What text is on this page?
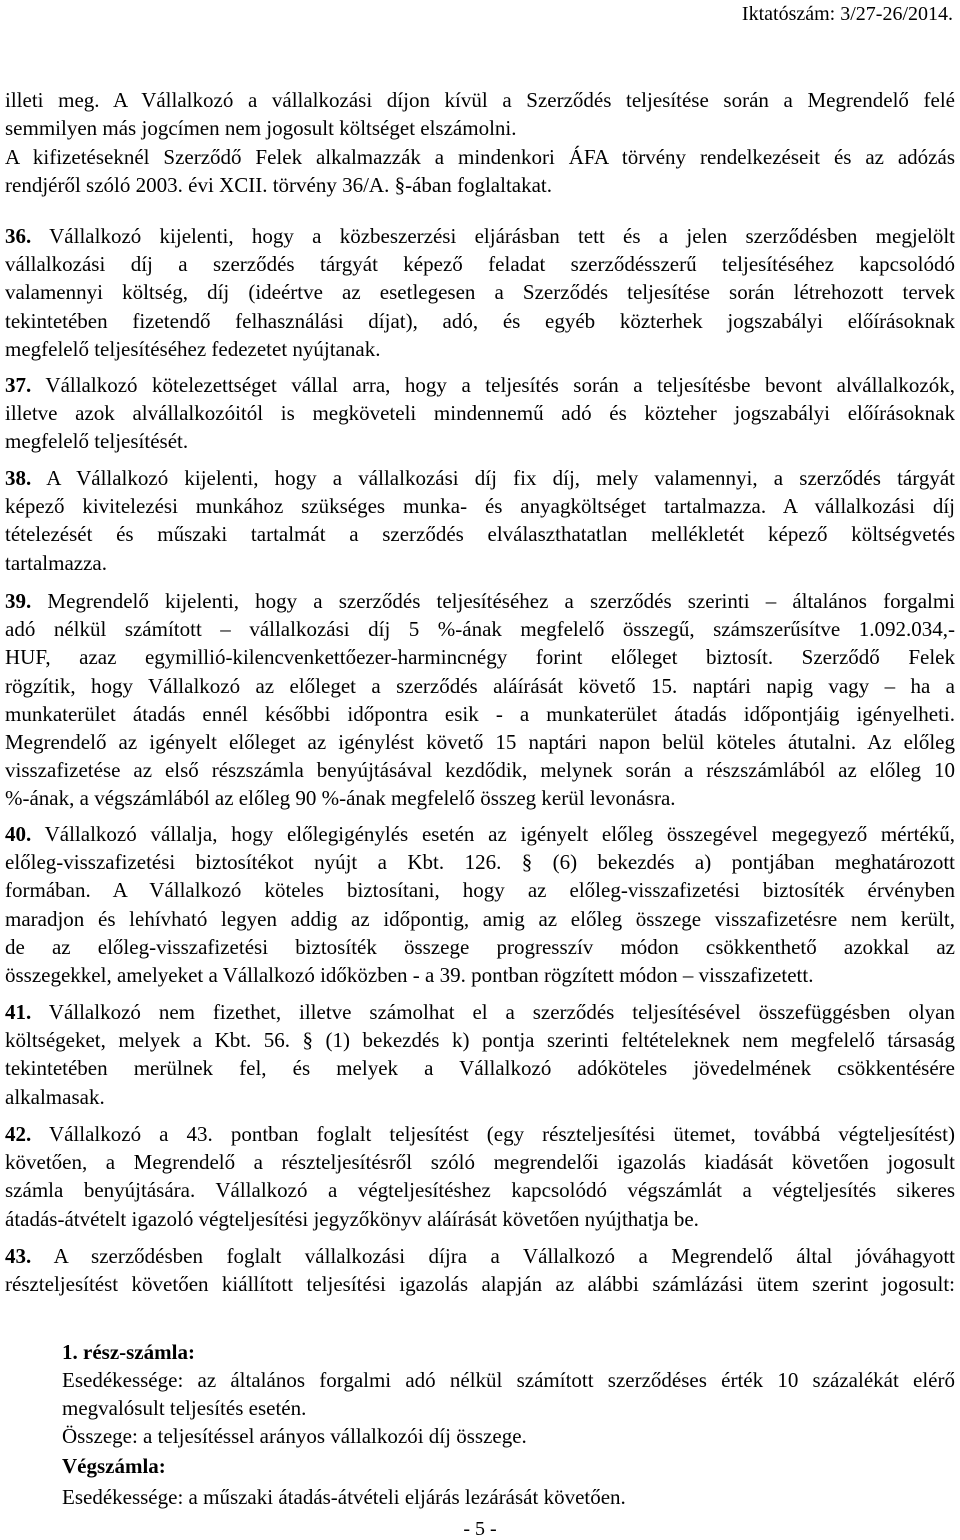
Iktatószám: 3/27-26/2014.
illeti meg. A Vállalkozó a vállalkozási díjon kívül a Szerződés teljesítése során a Megrendelő felé
semmilyen más jogcímen nem jogosult költséget elszámolni.
A kifizetéseknél Szerződő Felek alkalmazzák a mindenkori ÁFA törvény rendelkezéseit és az adózás
rendjéről szóló 2003. évi XCII. törvény 36/A. §-ában foglaltakat.
36. Vállalkozó kijelenti, hogy a közbeszerzési eljárásban tett és a jelen szerződésben megjelölt
vállalkozási díj a szerződés tárgyát képező feladat szerződésszerű teljesítéséhez kapcsolódó
valamennyi költség, díj (ideértve az esetlegesen a Szerződés teljesítése során létrehozott tervek
tekintetében fizetendő felhasználási díjat), adó, és egyéb közterhek jogszabályi előírásoknak
megfelelő teljesítéséhez fedezetet nyújtanak.
37. Vállalkozó kötelezettséget vállal arra, hogy a teljesítés során a teljesítésbe bevont alvállalkozók,
illetve azok alvállalkozóitól is megköveteli mindennemű adó és közteher jogszabályi előírásoknak
megfelelő teljesítését.
38. A Vállalkozó kijelenti, hogy a vállalkozási díj fix díj, mely valamennyi, a szerződés tárgyát
képező kivitelezési munkához szükséges munka- és anyagköltséget tartalmazza. A vállalkozási díj
tételezését és műszaki tartalmát a szerződés elválaszthatatlan mellékletét képező költségvetés
tartalmazza.
39. Megrendelő kijelenti, hogy a szerződés teljesítéséhez a szerződés szerinti – általános forgalmi
adó nélkül számított – vállalkozási díj 5 %-ának megfelelő összegű, számszerűsítve 1.092.034,-
HUF, azaz egymillió-kilencvenkettőezer-harmincnégy forint előleget biztosít. Szerződő Felek
rögzítik, hogy Vállalkozó az előleget a szerződés aláírását követő 15. naptári napig vagy – ha a
munkaterület átadás ennél későbbi időpontra esik - a munkaterület átadás időpontjáig igényelheti.
Megrendelő az igényelt előleget az igénylést követő 15 naptári napon belül köteles átutalni. Az előleg
visszafizetése az első részszámla benyújtásával kezdődik, melynek során a részszámlából az előleg 10
%-ának, a végszámlából az előleg 90 %-ának megfelelő összeg kerül levonásra.
40. Vállalkozó vállalja, hogy előlegigénylés esetén az igényelt előleg összegével megegyező mértékű,
előleg-visszafizetési biztosítékot nyújt a Kbt. 126. § (6) bekezdés a) pontjában meghatározott
formában. A Vállalkozó köteles biztosítani, hogy az előleg-visszafizetési biztosíték érvényben
maradjon és lehívható legyen addig az időpontig, amig az előleg összege visszafizetésre nem került,
de az előleg-visszafizetési biztosíték összege progresszív módon csökkenthető azokkal az
összegekkel, amelyeket a Vállalkozó időközben - a 39. pontban rögzített módon – visszafizetett.
41. Vállalkozó nem fizethet, illetve számolhat el a szerződés teljesítésével összefüggésben olyan
költségeket, melyek a Kbt. 56. § (1) bekezdés k) pontja szerinti feltételeknek nem megfelelő társaság
tekintetében merülnek fel, és melyek a Vállalkozó adóköteles jövedelmének csökkentésére
alkalmasak.
42. Vállalkozó a 43. pontban foglalt teljesítést (egy részteljesítési ütemet, továbbá végteljesítést)
követően, a Megrendelő a részteljesítésről szóló megrendelői igazolás kiadását követően jogosult
számla benyújtására. Vállalkozó a végteljesítéshez kapcsolódó végszámlát a végteljesítés sikeres
átadás-átvételt igazoló végteljesítési jegyzőkönyv aláírását követően nyújthatja be.
43. A szerződésben foglalt vállalkozási díjra a Vállalkozó a Megrendelő által jóváhagyott
részteljesítést követően kiállított teljesítési igazolás alapján az alábbi számlázási ütem szerint jogosult:
1. rész-számla:
Esedékessége: az általános forgalmi adó nélkül számított szerződéses érték 10 százalékát elérő
megvalósult teljesítés esetén.
Összege: a teljesítéssel arányos vállalkozói díj összege.
Végszámla:
Esedékessége: a műszaki átadás-átvételi eljárás lezárását követően.
- 5 -
